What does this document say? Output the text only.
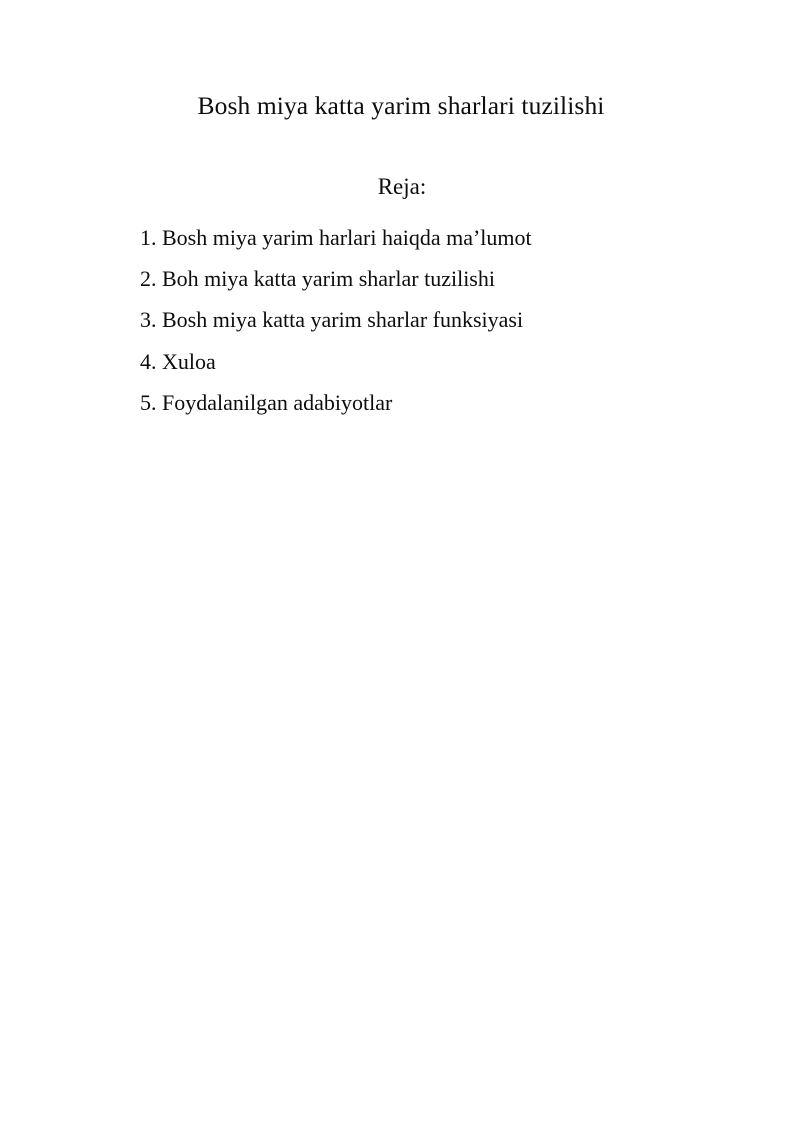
Bosh miya katta yarim sharlari tuzilishi
Reja:
1. Bosh miya yarim harlari haiqda ma’lumot
2. Boh miya katta yarim sharlar tuzilishi
3. Bosh miya katta yarim sharlar funksiyasi
4. Xuloa
5. Foydalanilgan adabiyotlar
